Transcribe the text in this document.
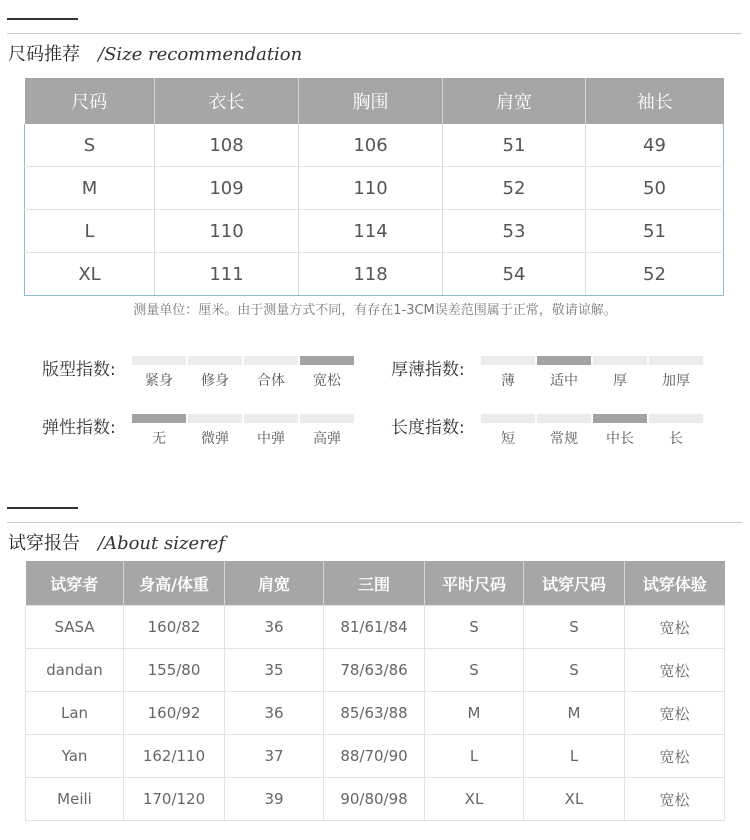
尺码推荐 /Size recommendation
尺码	衣长	胸围	肩宽	袖长
S	108	106	51	49
M	109	110	52	50
L	110	114	53	51
XL	111	118	54	52
测量单位：厘米。由于测量方式不同，有存在1-3CM误差范围属于正常，敬请谅解。
版型指数:
紧身	修身	合体	宽松
厚薄指数:
薄	适中	厚	加厚
弹性指数:
无	微弹	中弹	高弹
长度指数:
短	常规	中长	长
试穿报告 /About sizeref
试穿者	身高/体重	肩宽	三围	平时尺码	试穿尺码	试穿体验
SASA	160/82	36	81/61/84	S	S	宽松
dandan	155/80	35	78/63/86	S	S	宽松
Lan	160/92	36	85/63/88	M	M	宽松
Yan	162/110	37	88/70/90	L	L	宽松
Meili	170/120	39	90/80/98	XL	XL	宽松
